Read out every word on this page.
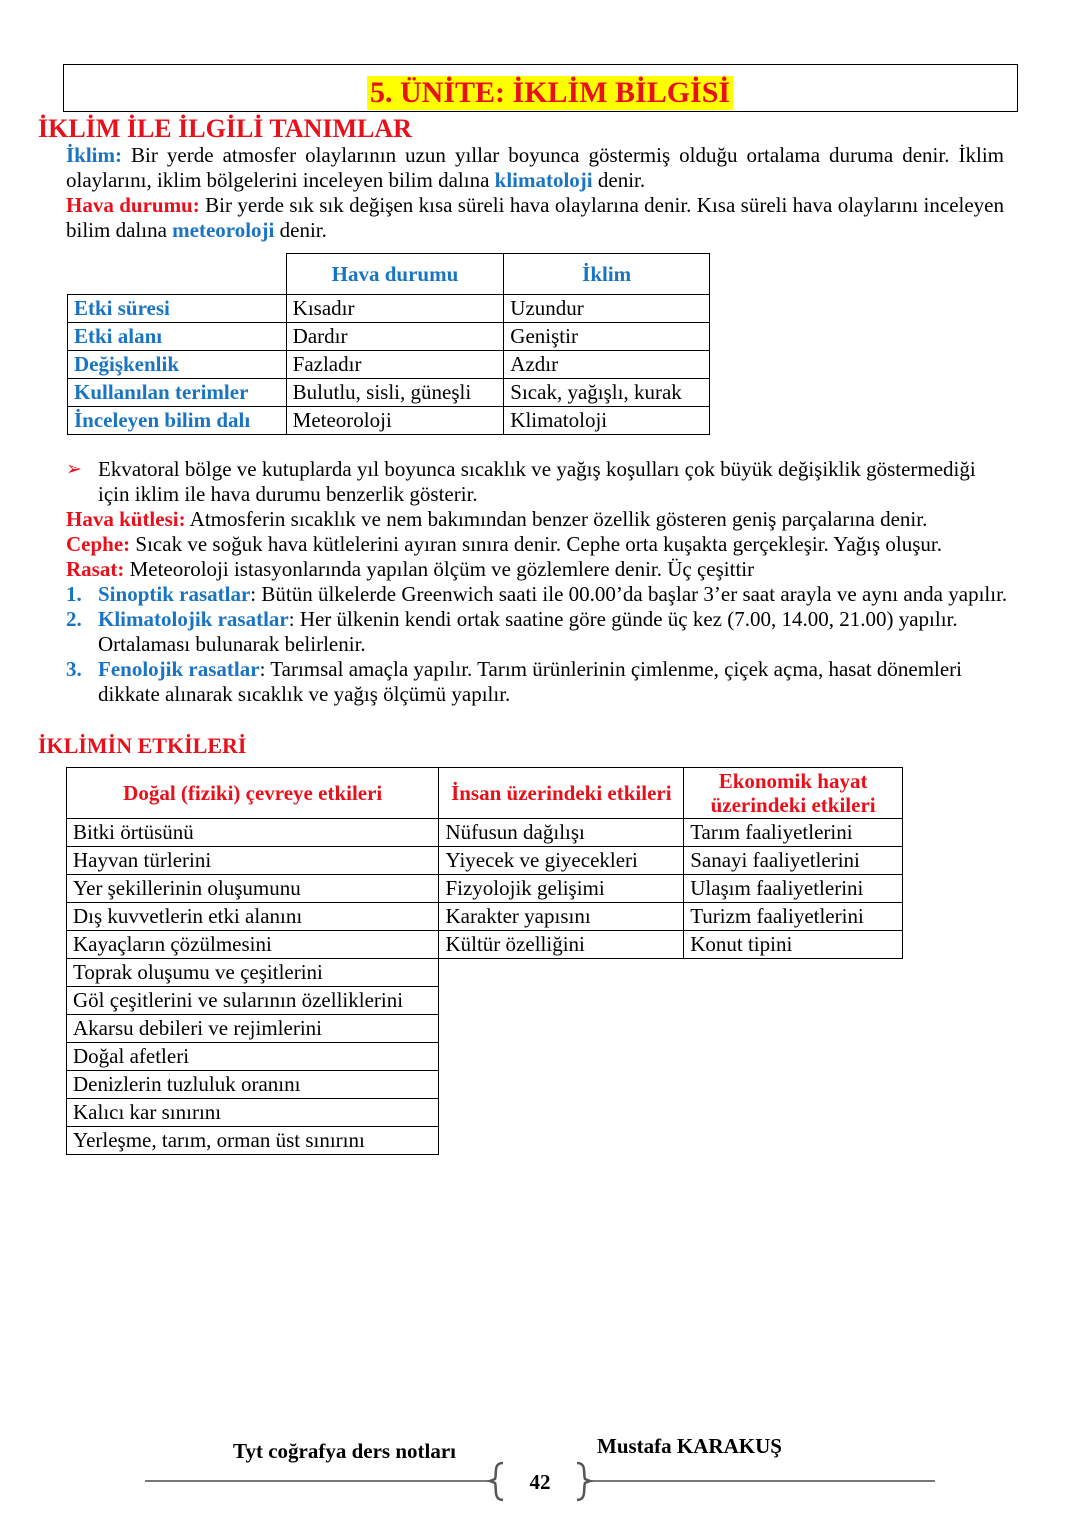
5. ÜNİTE: İKLİM BİLGİSİ
İKLİM İLE İLGİLİ TANIMLAR

İklim: Bir yerde atmosfer olaylarının uzun yıllar boyunca göstermiş olduğu ortalama duruma denir. İklim olaylarını, iklim bölgelerini inceleyen bilim dalına klimatoloji denir.

Hava durumu: Bir yerde sık sık değişen kısa süreli hava olaylarına denir. Kısa süreli hava olaylarını inceleyen bilim dalına meteoroloji denir.

	Hava durumu	İklim
Etki süresi	Kısadır	Uzundur
Etki alanı	Dardır	Geniştir
Değişkenlik	Fazladır	Azdır
Kullanılan terimler	Bulutlu, sisli, güneşli	Sıcak, yağışlı, kurak
İnceleyen bilim dalı	Meteoroloji	Klimatoloji
➢ Ekvatoral bölge ve kutuplarda yıl boyunca sıcaklık ve yağış koşulları çok büyük değişiklik göstermediği için iklim ile hava durumu benzerlik gösterir.

Hava kütlesi: Atmosferin sıcaklık ve nem bakımından benzer özellik gösteren geniş parçalarına denir.

Cephe: Sıcak ve soğuk hava kütlelerini ayıran sınıra denir. Cephe orta kuşakta gerçekleşir. Yağış oluşur.

Rasat: Meteoroloji istasyonlarında yapılan ölçüm ve gözlemlere denir. Üç çeşittir

1. Sinoptik rasatlar: Bütün ülkelerde Greenwich saati ile 00.00’da başlar 3’er saat arayla ve aynı anda yapılır.
2. Klimatolojik rasatlar: Her ülkenin kendi ortak saatine göre günde üç kez (7.00, 14.00, 21.00) yapılır. Ortalaması bulunarak belirlenir.
3. Fenolojik rasatlar: Tarımsal amaçla yapılır. Tarım ürünlerinin çimlenme, çiçek açma, hasat dönemleri dikkate alınarak sıcaklık ve yağış ölçümü yapılır.
İKLİMİN ETKİLERİ
Doğal (fiziki) çevreye etkileri	İnsan üzerindeki etkileri	Ekonomik hayat üzerindeki etkileri
Bitki örtüsünü	Nüfusun dağılışı	Tarım faaliyetlerini
Hayvan türlerini	Yiyecek ve giyecekleri	Sanayi faaliyetlerini
Yer şekillerinin oluşumunu	Fizyolojik gelişimi	Ulaşım faaliyetlerini
Dış kuvvetlerin etki alanını	Karakter yapısını	Turizm faaliyetlerini
Kayaçların çözülmesini	Kültür özelliğini	Konut tipini
Toprak oluşumu ve çeşitlerini		
Göl çeşitlerini ve sularının özelliklerini		
Akarsu debileri ve rejimlerini		
Doğal afetleri		
Denizlerin tuzluluk oranını		
Kalıcı kar sınırını		
Yerleşme, tarım, orman üst sınırını		
Tyt coğrafya ders notları	Mustafa KARAKUŞ
42
